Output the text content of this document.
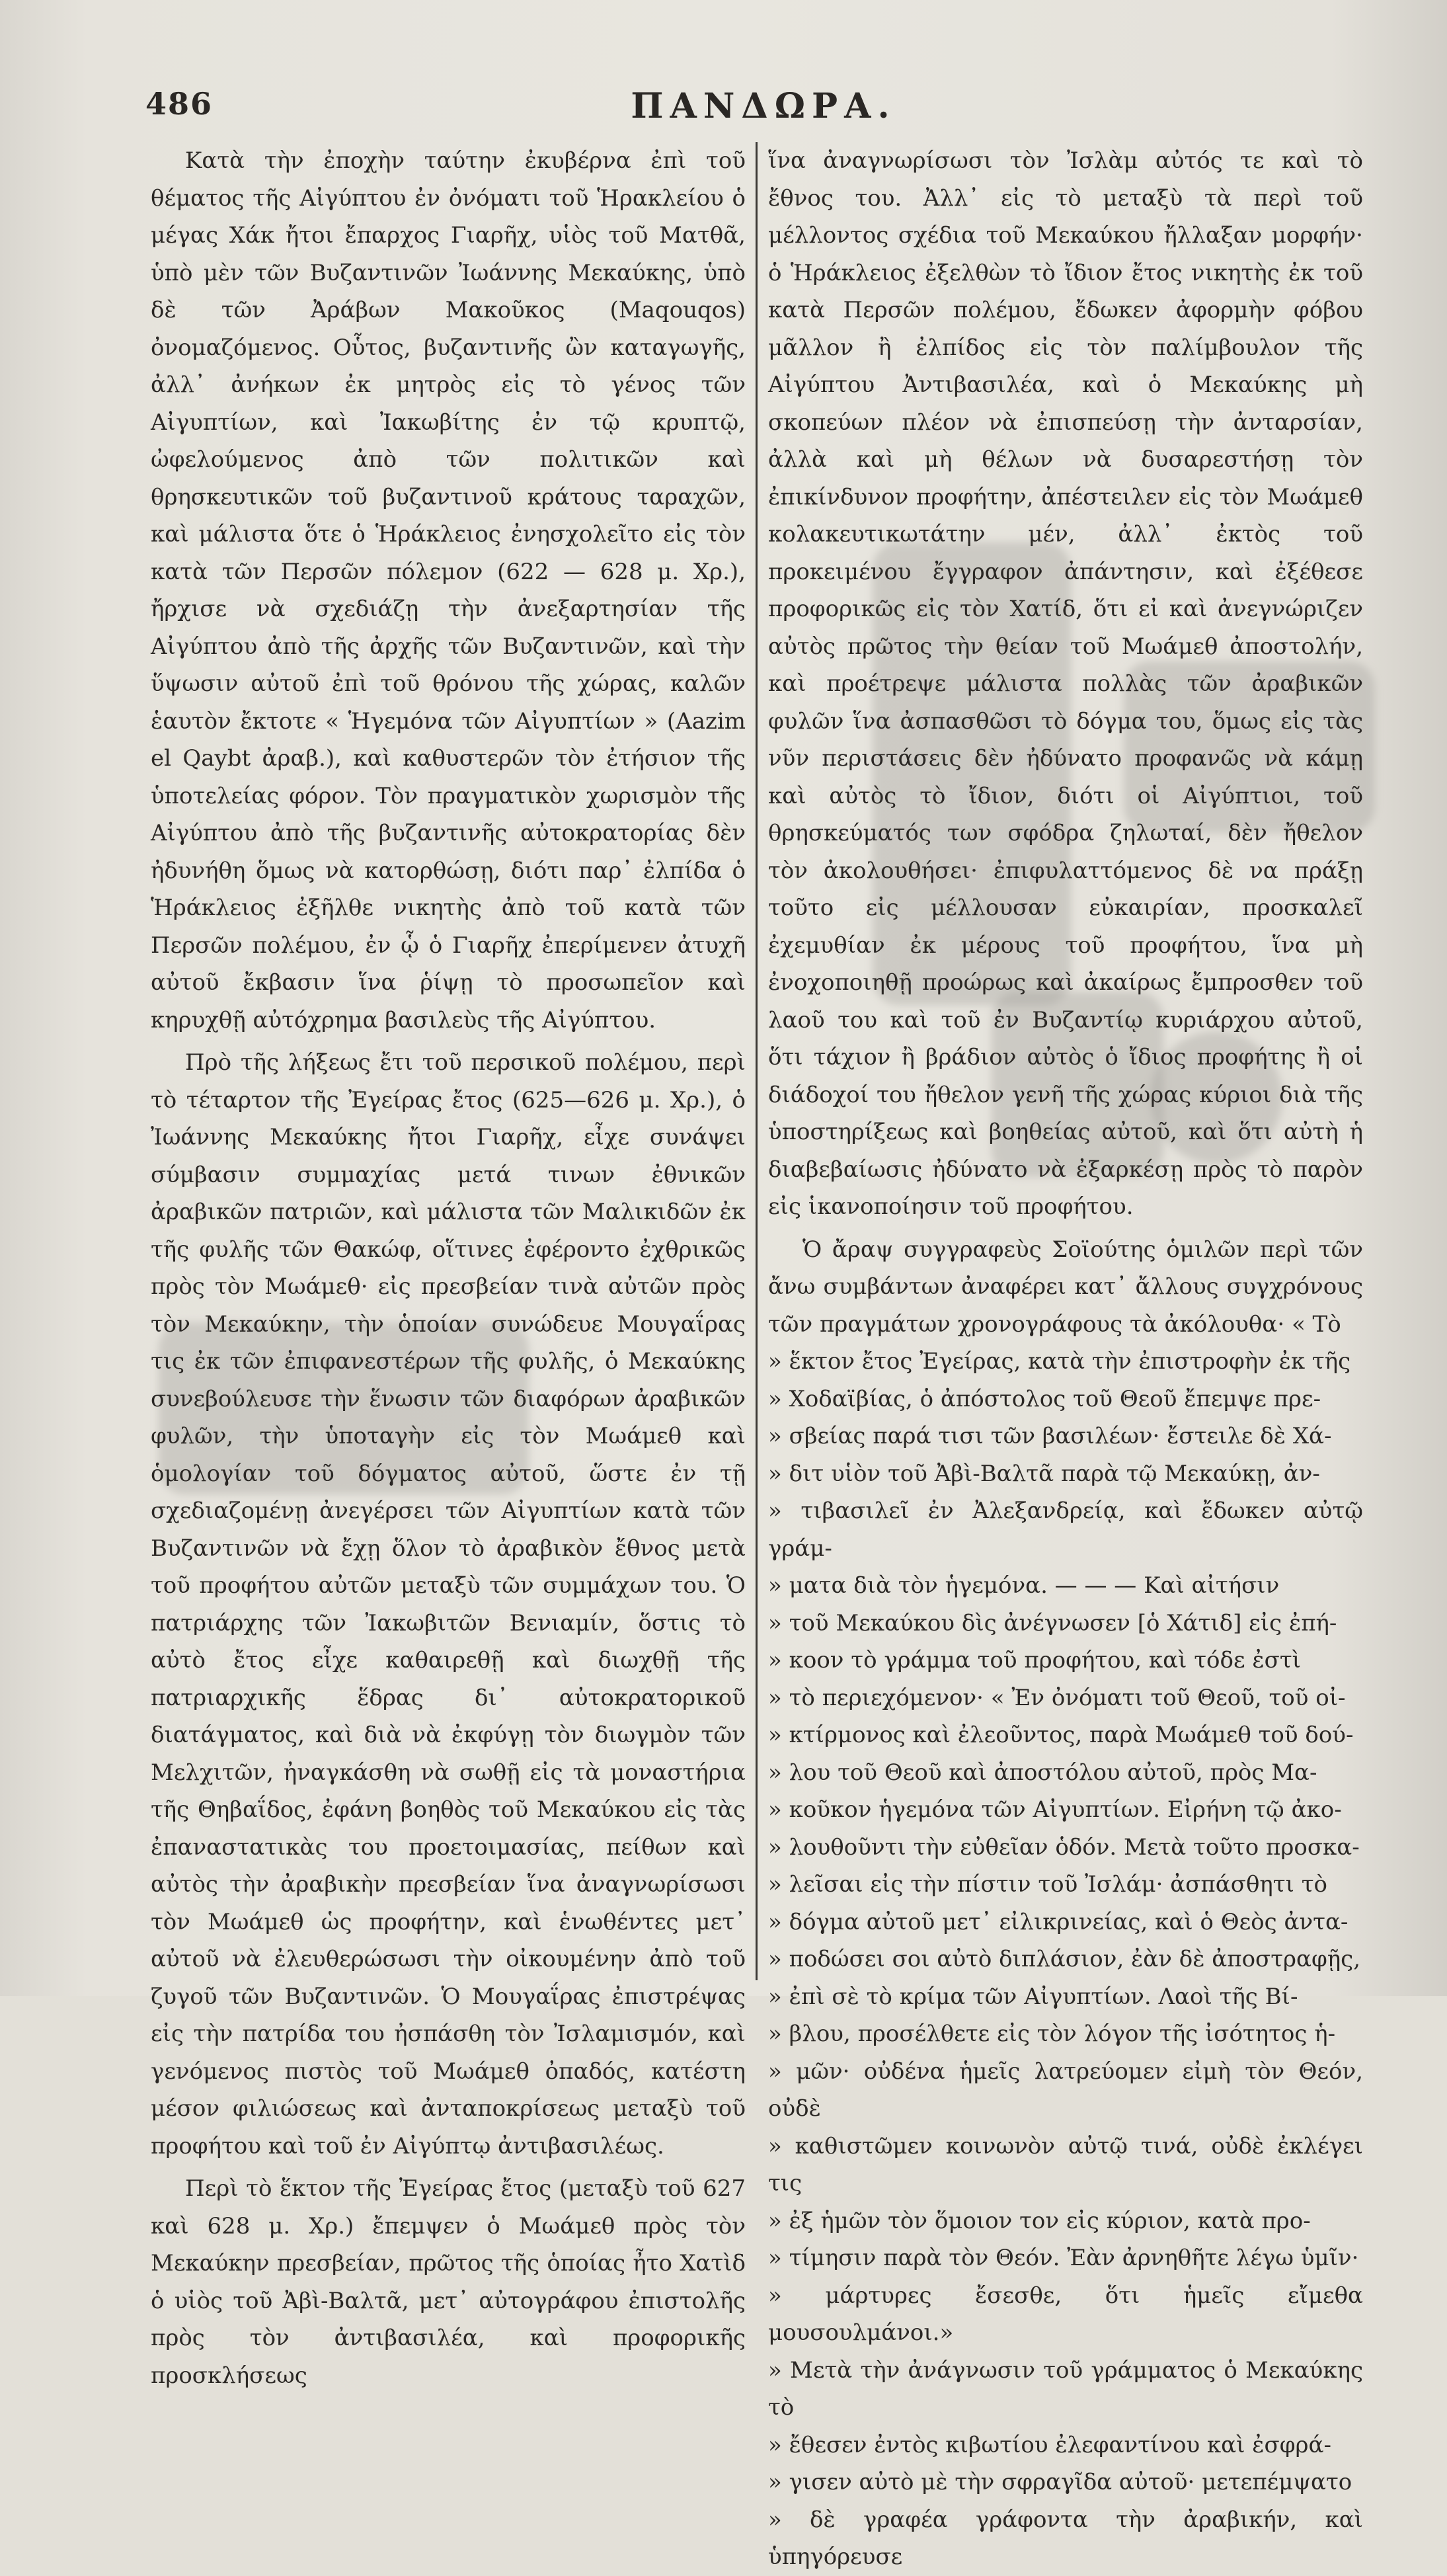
486	ΠΑΝΔΩΡΑ.

Κατὰ τὴν ἐποχὴν ταύτην ἐκυβέρνα ἐπὶ τοῦ θέματος τῆς Αἰγύπτου ἐν ὀνόματι τοῦ Ἡρακλείου ὁ μέγας Χάκ ἤτοι ἔπαρχος Γιαρῆχ, υἱὸς τοῦ Ματθᾶ, ὑπὸ μὲν τῶν Βυζαντινῶν Ἰωάννης Μεκαύκης, ὑπὸ δὲ τῶν Ἀράβων Μακοῦκος (Maqouqos) ὀνομαζόμενος. Οὗτος, βυζαντινῆς ὢν καταγωγῆς, ἀλλ᾽ ἀνήκων ἐκ μητρὸς εἰς τὸ γένος τῶν Αἰγυπτίων, καὶ Ἰακωβίτης ἐν τῷ κρυπτῷ, ὠφελούμενος ἀπὸ τῶν πολιτικῶν καὶ θρησκευτικῶν τοῦ βυζαντινοῦ κράτους ταραχῶν, καὶ μάλιστα ὅτε ὁ Ἡράκλειος ἐνησχολεῖτο εἰς τὸν κατὰ τῶν Περσῶν πόλεμον (622 — 628 μ. Χρ.), ἤρχισε νὰ σχεδιάζῃ τὴν ἀνεξαρτησίαν τῆς Αἰγύπτου ἀπὸ τῆς ἀρχῆς τῶν Βυζαντινῶν, καὶ τὴν ὕψωσιν αὐτοῦ ἐπὶ τοῦ θρόνου τῆς χώρας, καλῶν ἑαυτὸν ἔκτοτε « Ἡγεμόνα τῶν Αἰγυπτίων » (Aazim el Qaybt ἀραβ.), καὶ καθυστερῶν τὸν ἐτήσιον τῆς ὑποτελείας φόρον. Τὸν πραγματικὸν χωρισμὸν τῆς Αἰγύπτου ἀπὸ τῆς βυζαντινῆς αὐτοκρατορίας δὲν ἠδυνήθη ὅμως νὰ κατορθώσῃ, διότι παρ᾽ ἐλπίδα ὁ Ἡράκλειος ἐξῆλθε νικητὴς ἀπὸ τοῦ κατὰ τῶν Περσῶν πολέμου, ἐν ᾧ ὁ Γιαρῆχ ἐπερίμενεν ἀτυχῆ αὐτοῦ ἔκβασιν ἵνα ῥίψῃ τὸ προσωπεῖον καὶ κηρυχθῇ αὐτόχρημα βασιλεὺς τῆς Αἰγύπτου.

Πρὸ τῆς λήξεως ἔτι τοῦ περσικοῦ πολέμου, περὶ τὸ τέταρτον τῆς Ἐγείρας ἔτος (625—626 μ. Χρ.), ὁ Ἰωάννης Μεκαύκης ἤτοι Γιαρῆχ, εἶχε συνάψει σύμβασιν συμμαχίας μετά τινων ἐθνικῶν ἀραβικῶν πατριῶν, καὶ μάλιστα τῶν Μαλικιδῶν ἐκ τῆς φυλῆς τῶν Θακώφ, οἵτινες ἐφέροντο ἐχθρικῶς πρὸς τὸν Μωάμεθ· εἰς πρεσβείαν τινὰ αὐτῶν πρὸς τὸν Μεκαύκην, τὴν ὁποίαν συνώδευε Μουγαΐρας τις ἐκ τῶν ἐπιφανεστέρων τῆς φυλῆς, ὁ Μεκαύκης συνεβούλευσε τὴν ἕνωσιν τῶν διαφόρων ἀραβικῶν φυλῶν, τὴν ὑποταγὴν εἰς τὸν Μωάμεθ καὶ ὁμολογίαν τοῦ δόγματος αὐτοῦ, ὥστε ἐν τῇ σχεδιαζομένῃ ἀνεγέρσει τῶν Αἰγυπτίων κατὰ τῶν Βυζαντινῶν νὰ ἔχῃ ὅλον τὸ ἀραβικὸν ἔθνος μετὰ τοῦ προφήτου αὐτῶν μεταξὺ τῶν συμμάχων του. Ὁ πατριάρχης τῶν Ἰακωβιτῶν Βενιαμίν, ὅστις τὸ αὐτὸ ἔτος εἶχε καθαιρεθῇ καὶ διωχθῇ τῆς πατριαρχικῆς ἕδρας δι᾽ αὐτοκρατορικοῦ διατάγματος, καὶ διὰ νὰ ἐκφύγῃ τὸν διωγμὸν τῶν Μελχιτῶν, ἠναγκάσθη νὰ σωθῇ εἰς τὰ μοναστήρια τῆς Θηβαΐδος, ἐφάνη βοηθὸς τοῦ Μεκαύκου εἰς τὰς ἐπαναστατικὰς του προετοιμασίας, πείθων καὶ αὐτὸς τὴν ἀραβικὴν πρεσβείαν ἵνα ἀναγνωρίσωσι τὸν Μωάμεθ ὡς προφήτην, καὶ ἑνωθέντες μετ᾽ αὐτοῦ νὰ ἐλευθερώσωσι τὴν οἰκουμένην ἀπὸ τοῦ ζυγοῦ τῶν Βυζαντινῶν. Ὁ Μουγαΐρας ἐπιστρέψας εἰς τὴν πατρίδα του ἠσπάσθη τὸν Ἰσλαμισμόν, καὶ γενόμενος πιστὸς τοῦ Μωάμεθ ὀπαδός, κατέστη μέσον φιλιώσεως καὶ ἀνταποκρίσεως μεταξὺ τοῦ προφήτου καὶ τοῦ ἐν Αἰγύπτῳ ἀντιβασιλέως.

Περὶ τὸ ἕκτον τῆς Ἐγείρας ἔτος (μεταξὺ τοῦ 627 καὶ 628 μ. Χρ.) ἔπεμψεν ὁ Μωάμεθ πρὸς τὸν Μεκαύκην πρεσβείαν, πρῶτος τῆς ὁποίας ἦτο Χατὶδ ὁ υἱὸς τοῦ Ἀβὶ-Βαλτᾶ, μετ᾽ αὐτογράφου ἐπιστολῆς πρὸς τὸν ἀντιβασιλέα, καὶ προφορικῆς προσκλήσεως

ἵνα ἀναγνωρίσωσι τὸν Ἰσλὰμ αὐτός τε καὶ τὸ ἔθνος του. Ἀλλ᾽ εἰς τὸ μεταξὺ τὰ περὶ τοῦ μέλλοντος σχέδια τοῦ Μεκαύκου ἤλλαξαν μορφήν· ὁ Ἡράκλειος ἐξελθὼν τὸ ἴδιον ἔτος νικητὴς ἐκ τοῦ κατὰ Περσῶν πολέμου, ἔδωκεν ἀφορμὴν φόβου μᾶλλον ἢ ἐλπίδος εἰς τὸν παλίμβουλον τῆς Αἰγύπτου Ἀντιβασιλέα, καὶ ὁ Μεκαύκης μὴ σκοπεύων πλέον νὰ ἐπισπεύσῃ τὴν ἀνταρσίαν, ἀλλὰ καὶ μὴ θέλων νὰ δυσαρεστήσῃ τὸν ἐπικίνδυνον προφήτην, ἀπέστειλεν εἰς τὸν Μωάμεθ κολακευτικωτάτην μέν, ἀλλ᾽ ἐκτὸς τοῦ προκειμένου ἔγγραφον ἀπάντησιν, καὶ ἐξέθεσε προφορικῶς εἰς τὸν Χατίδ, ὅτι εἰ καὶ ἀνεγνώριζεν αὐτὸς πρῶτος τὴν θείαν τοῦ Μωάμεθ ἀποστολήν, καὶ προέτρεψε μάλιστα πολλὰς τῶν ἀραβικῶν φυλῶν ἵνα ἀσπασθῶσι τὸ δόγμα του, ὅμως εἰς τὰς νῦν περιστάσεις δὲν ἠδύνατο προφανῶς νὰ κάμῃ καὶ αὐτὸς τὸ ἴδιον, διότι οἱ Αἰγύπτιοι, τοῦ θρησκεύματός των σφόδρα ζηλωταί, δὲν ἤθελον τὸν ἀκολουθήσει· ἐπιφυλαττόμενος δὲ να πράξῃ τοῦτο εἰς μέλλουσαν εὐκαιρίαν, προσκαλεῖ ἐχεμυθίαν ἐκ μέρους τοῦ προφήτου, ἵνα μὴ ἐνοχοποιηθῇ προώρως καὶ ἀκαίρως ἔμπροσθεν τοῦ λαοῦ του καὶ τοῦ ἐν Βυζαντίῳ κυριάρχου αὐτοῦ, ὅτι τάχιον ἢ βράδιον αὐτὸς ὁ ἴδιος προφήτης ἢ οἱ διάδοχοί του ἤθελον γενῆ τῆς χώρας κύριοι διὰ τῆς ὑποστηρίξεως καὶ βοηθείας αὐτοῦ, καὶ ὅτι αὐτὴ ἡ διαβεβαίωσις ἠδύνατο νὰ ἐξαρκέσῃ πρὸς τὸ παρὸν εἰς ἱκανοποίησιν τοῦ προφήτου.

Ὁ ἄραψ συγγραφεὺς Σοϊούτης ὁμιλῶν περὶ τῶν ἄνω συμβάντων ἀναφέρει κατ᾽ ἄλλους συγχρόνους τῶν πραγμάτων χρονογράφους τὰ ἀκόλουθα· « Τὸ

» ἕκτον ἔτος Ἐγείρας, κατὰ τὴν ἐπιστροφὴν ἐκ τῆς
» Χοδαϊβίας, ὁ ἀπόστολος τοῦ Θεοῦ ἔπεμψε πρε-
» σβείας παρά τισι τῶν βασιλέων· ἔστειλε δὲ Χά-
» διτ υἱὸν τοῦ Ἀβὶ-Βαλτᾶ παρὰ τῷ Μεκαύκῃ, ἀν-
» τιβασιλεῖ ἐν Ἀλεξανδρείᾳ, καὶ ἔδωκεν αὐτῷ γράμ-
» ματα διὰ τὸν ἡγεμόνα. — — — Καὶ αἰτήσιν
» τοῦ Μεκαύκου δὶς ἀνέγνωσεν [ὁ Χάτιδ] εἰς ἐπή-
» κοον τὸ γράμμα τοῦ προφήτου, καὶ τόδε ἐστὶ
» τὸ περιεχόμενον· « Ἐν ὀνόματι τοῦ Θεοῦ, τοῦ οἰ-
» κτίρμονος καὶ ἐλεοῦντος, παρὰ Μωάμεθ τοῦ δού-
» λου τοῦ Θεοῦ καὶ ἀποστόλου αὐτοῦ, πρὸς Μα-
» κοῦκον ἡγεμόνα τῶν Αἰγυπτίων. Εἰρήνη τῷ ἀκο-
» λουθοῦντι τὴν εὐθεῖαν ὁδόν. Μετὰ τοῦτο προσκα-
» λεῖσαι εἰς τὴν πίστιν τοῦ Ἰσλάμ· ἀσπάσθητι τὸ
» δόγμα αὐτοῦ μετ᾽ εἰλικρινείας, καὶ ὁ Θεὸς ἀντα-
» ποδώσει σοι αὐτὸ διπλάσιον, ἐὰν δὲ ἀποστραφῇς,
» ἐπὶ σὲ τὸ κρίμα τῶν Αἰγυπτίων. Λαοὶ τῆς Βί-
» βλου, προσέλθετε εἰς τὸν λόγον τῆς ἰσότητος ἡ-
» μῶν· οὐδένα ἡμεῖς λατρεύομεν εἰμὴ τὸν Θεόν, οὐδὲ
» καθιστῶμεν κοινωνὸν αὐτῷ τινά, οὐδὲ ἐκλέγει τις
» ἐξ ἡμῶν τὸν ὅμοιον τον εἰς κύριον, κατὰ προ-
» τίμησιν παρὰ τὸν Θεόν. Ἐὰν ἀρνηθῆτε λέγω ὑμῖν·
» μάρτυρες ἔσεσθε, ὅτι ἡμεῖς εἴμεθα μουσουλμάνοι.»
» Μετὰ τὴν ἀνάγνωσιν τοῦ γράμματος ὁ Μεκαύκης τὸ
» ἔθεσεν ἐντὸς κιβωτίου ἐλεφαντίνου καὶ ἐσφρά-
» γισεν αὐτὸ μὲ τὴν σφραγῖδα αὐτοῦ· μετεπέμψατο
» δὲ γραφέα γράφοντα τὴν ἀραβικήν, καὶ ὑπηγόρευσε
